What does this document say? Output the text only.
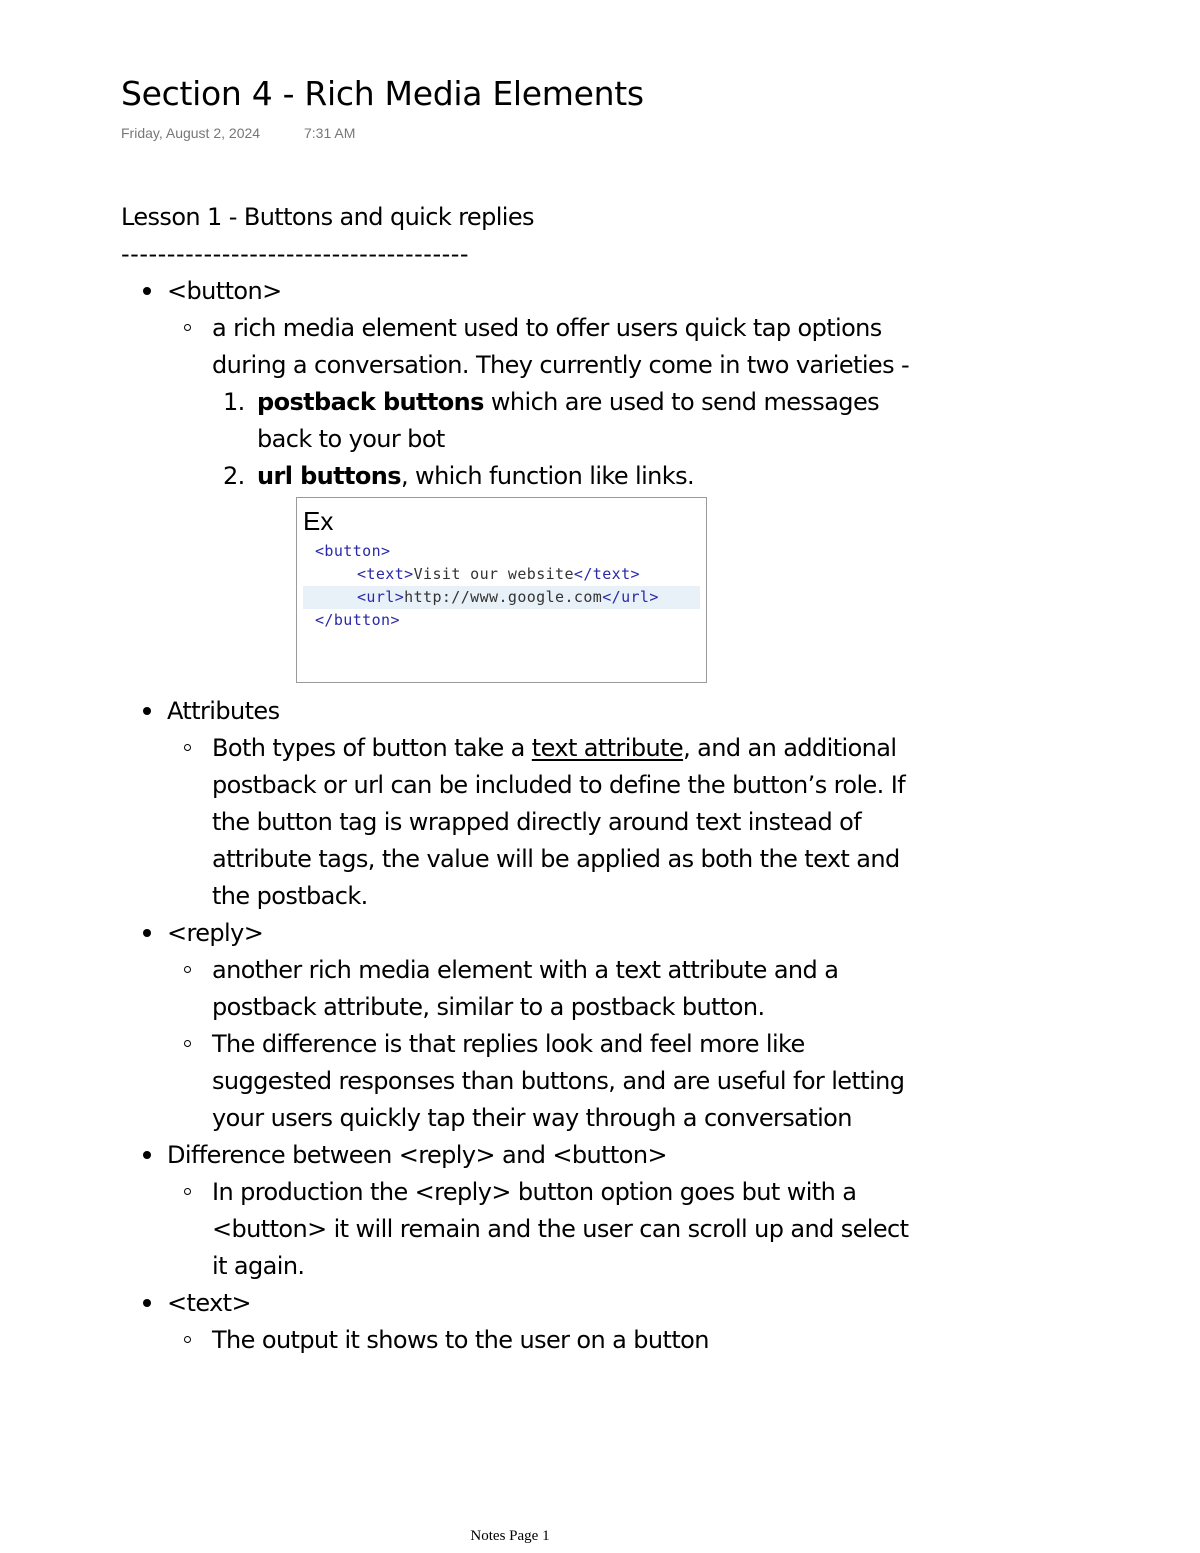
Section 4 - Rich Media Elements
Friday, August 2, 2024	7:31 AM
Lesson 1 - Buttons and quick replies
--------------------------------------
<button>
a rich media element used to offer users quick tap options during a conversation. They currently come in two varieties -
1. postback buttons which are used to send messages back to your bot
2. url buttons, which function like links.
Ex
<button>
<text>Visit our website</text>
<url>http://www.google.com</url>
</button>
Attributes
Both types of button take a text attribute, and an additional postback or url can be included to define the button’s role. If the button tag is wrapped directly around text instead of attribute tags, the value will be applied as both the text and the postback.
<reply>
another rich media element with a text attribute and a postback attribute, similar to a postback button.
The difference is that replies look and feel more like suggested responses than buttons, and are useful for letting your users quickly tap their way through a conversation
Difference between <reply> and <button>
In production the <reply> button option goes but with a <button> it will remain and the user can scroll up and select it again.
<text>
The output it shows to the user on a button
Notes Page 1
